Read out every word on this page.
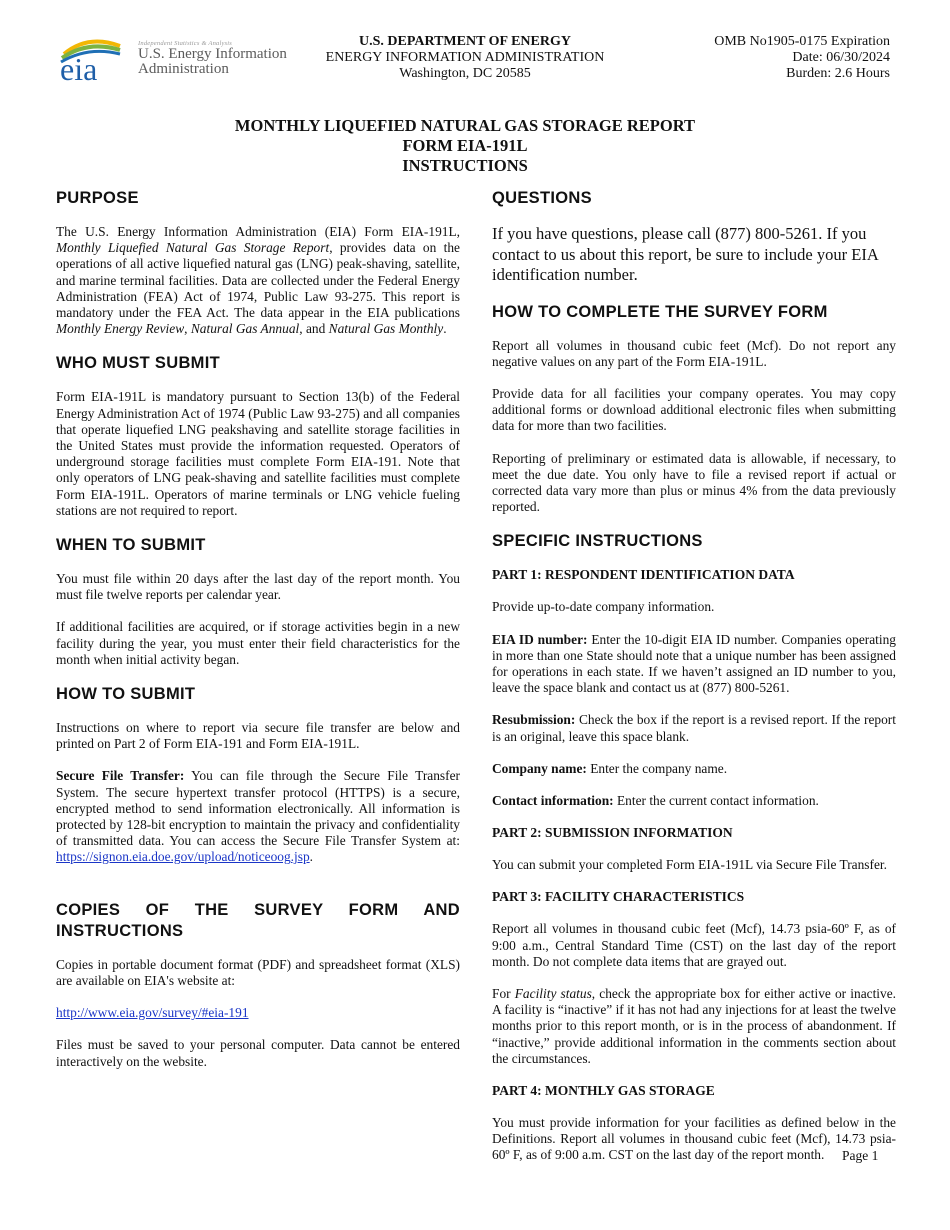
eia
Independent Statistics & Analysis
U.S. Energy Information
Administration
U.S. DEPARTMENT OF ENERGY
ENERGY INFORMATION ADMINISTRATION
Washington, DC 20585
OMB No1905-0175 Expiration
Date: 06/30/2024
Burden: 2.6 Hours
MONTHLY LIQUEFIED NATURAL GAS STORAGE REPORT
FORM EIA-191L
INSTRUCTIONS
PURPOSE

The U.S. Energy Information Administration (EIA) Form EIA-191L, Monthly Liquefied Natural Gas Storage Report, provides data on the operations of all active liquefied natural gas (LNG) peak-shaving, satellite, and marine terminal facilities. Data are collected under the Federal Energy Administration (FEA) Act of 1974, Public Law 93-275. This report is mandatory under the FEA Act. The data appear in the EIA publications Monthly Energy Review, Natural Gas Annual, and Natural Gas Monthly.

WHO MUST SUBMIT

Form EIA-191L is mandatory pursuant to Section 13(b) of the Federal Energy Administration Act of 1974 (Public Law 93-275) and all companies that operate liquefied LNG peakshaving and satellite storage facilities in the United States must provide the information requested. Operators of underground storage facilities must complete Form EIA-191. Note that only operators of LNG peak-shaving and satellite facilities must complete Form EIA-191L. Operators of marine terminals or LNG vehicle fueling stations are not required to report.

WHEN TO SUBMIT

You must file within 20 days after the last day of the report month. You must file twelve reports per calendar year.

If additional facilities are acquired, or if storage activities begin in a new facility during the year, you must enter their field characteristics for the month when initial activity began.

HOW TO SUBMIT

Instructions on where to report via secure file transfer are below and printed on Part 2 of Form EIA-191 and Form EIA-191L.

Secure File Transfer: You can file through the Secure File Transfer System. The secure hypertext transfer protocol (HTTPS) is a secure, encrypted method to send information electronically. All information is protected by 128-bit encryption to maintain the privacy and confidentiality of transmitted data. You can access the Secure File Transfer System at: https://signon.eia.doe.gov/upload/noticeoog.jsp.

COPIES OF THE SURVEY FORM AND INSTRUCTIONS

Copies in portable document format (PDF) and spreadsheet format (XLS) are available on EIA's website at:

http://www.eia.gov/survey/#eia-191

Files must be saved to your personal computer. Data cannot be entered interactively on the website.

QUESTIONS

If you have questions, please call (877) 800-5261. If you contact to us about this report, be sure to include your EIA identification number.

HOW TO COMPLETE THE SURVEY FORM

Report all volumes in thousand cubic feet (Mcf). Do not report any negative values on any part of the Form EIA-191L.

Provide data for all facilities your company operates. You may copy additional forms or download additional electronic files when submitting data for more than two facilities.

Reporting of preliminary or estimated data is allowable, if necessary, to meet the due date. You only have to file a revised report if actual or corrected data vary more than plus or minus 4% from the data previously reported.

SPECIFIC INSTRUCTIONS
PART 1: RESPONDENT IDENTIFICATION DATA

Provide up-to-date company information.

EIA ID number: Enter the 10-digit EIA ID number. Companies operating in more than one State should note that a unique number has been assigned for operations in each state. If we haven’t assigned an ID number to you, leave the space blank and contact us at (877) 800-5261.

Resubmission: Check the box if the report is a revised report. If the report is an original, leave this space blank.

Company name: Enter the company name.

Contact information: Enter the current contact information.

PART 2: SUBMISSION INFORMATION

You can submit your completed Form EIA-191L via Secure File Transfer.

PART 3: FACILITY CHARACTERISTICS

Report all volumes in thousand cubic feet (Mcf), 14.73 psia-60º F, as of 9:00 a.m., Central Standard Time (CST) on the last day of the report month. Do not complete data items that are grayed out.

For Facility status, check the appropriate box for either active or inactive. A facility is “inactive” if it has not had any injections for at least the twelve months prior to this report month, or is in the process of abandonment. If “inactive,” provide additional information in the comments section about the circumstances.

PART 4: MONTHLY GAS STORAGE

You must provide information for your facilities as defined below in the Definitions. Report all volumes in thousand cubic feet (Mcf), 14.73 psia-60º F, as of 9:00 a.m. CST on the last day of the report month.	Page 1
